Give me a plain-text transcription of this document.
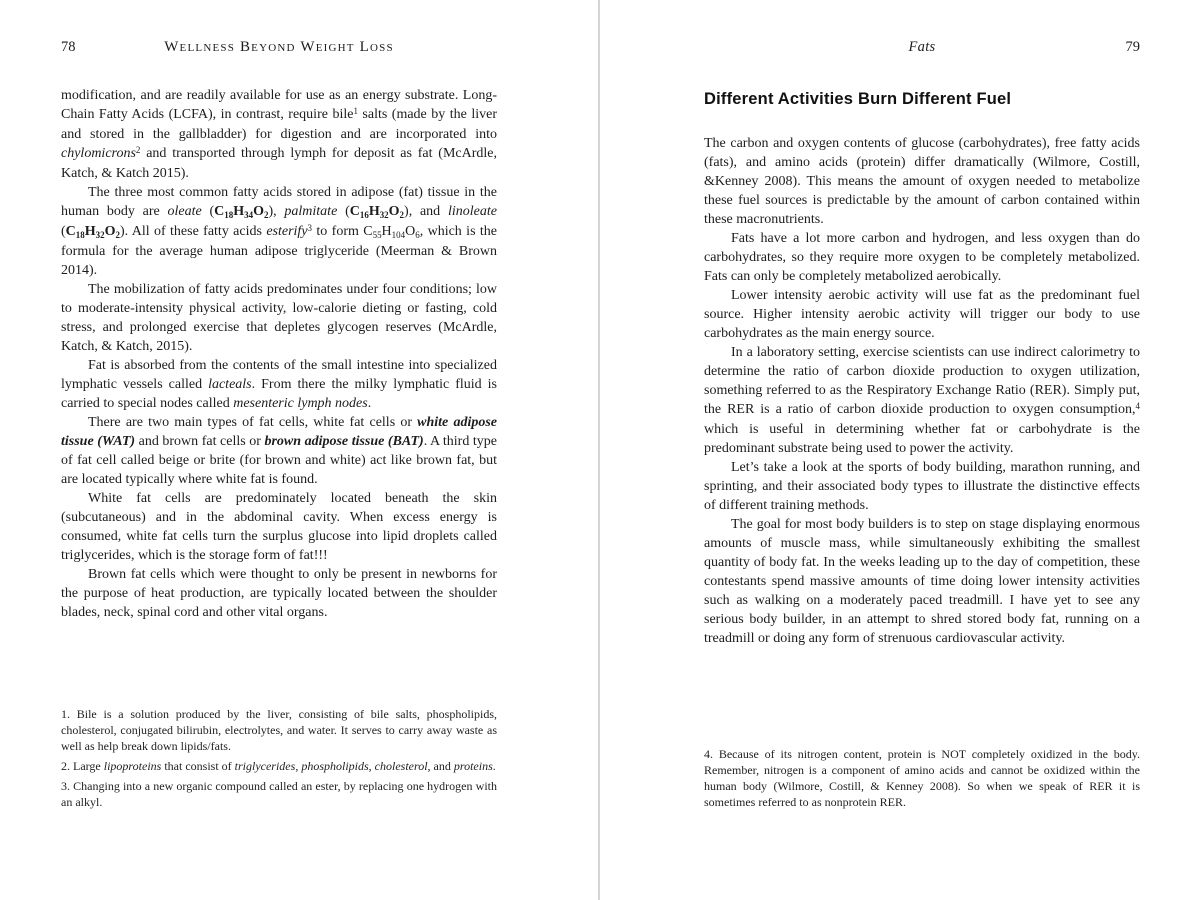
78	Wellness Beyond Weight Loss

modification, and are readily available for use as an energy substrate. Long-Chain Fatty Acids (LCFA), in contrast, require bile$^1$ salts (made by the liver and stored in the gallbladder) for digestion and are incorporated into chylomicrons$^2$ and transported through lymph for deposit as fat (McArdle, Katch, & Katch 2015).

The three most common fatty acids stored in adipose (fat) tissue in the human body are oleate (C18H34O2), palmitate (C16H32O2), and linoleate (C18H32O2). All of these fatty acids esterify$^3$ to form C55H104O6, which is the formula for the average human adipose triglyceride (Meerman & Brown 2014).

The mobilization of fatty acids predominates under four conditions; low to moderate-intensity physical activity, low-calorie dieting or fasting, cold stress, and prolonged exercise that depletes glycogen reserves (McArdle, Katch, & Katch, 2015).

Fat is absorbed from the contents of the small intestine into specialized lymphatic vessels called lacteals. From there the milky lymphatic fluid is carried to special nodes called mesenteric lymph nodes.

There are two main types of fat cells, white fat cells or white adipose tissue (WAT) and brown fat cells or brown adipose tissue (BAT). A third type of fat cell called beige or brite (for brown and white) act like brown fat, but are located typically where white fat is found.

White fat cells are predominately located beneath the skin (subcutaneous) and in the abdominal cavity. When excess energy is consumed, white fat cells turn the surplus glucose into lipid droplets called triglycerides, which is the storage form of fat!!!

Brown fat cells which were thought to only be present in newborns for the purpose of heat production, are typically located between the shoulder blades, neck, spinal cord and other vital organs.

1. Bile is a solution produced by the liver, consisting of bile salts, phospholipids, cholesterol, conjugated bilirubin, electrolytes, and water. It serves to carry away waste as well as help break down lipids/fats.

2. Large lipoproteins that consist of triglycerides, phospholipids, cholesterol, and proteins.

3. Changing into a new organic compound called an ester, by replacing one hydrogen with an alkyl.

Fats	79
Different Activities Burn Different Fuel

The carbon and oxygen contents of glucose (carbohydrates), free fatty acids (fats), and amino acids (protein) differ dramatically (Wilmore, Costill, &Kenney 2008). This means the amount of oxygen needed to metabolize these fuel sources is predictable by the amount of carbon contained within these macronutrients.

Fats have a lot more carbon and hydrogen, and less oxygen than do carbohydrates, so they require more oxygen to be completely metabolized. Fats can only be completely metabolized aerobically.

Lower intensity aerobic activity will use fat as the predominant fuel source. Higher intensity aerobic activity will trigger our body to use carbohydrates as the main energy source.

In a laboratory setting, exercise scientists can use indirect calorimetry to determine the ratio of carbon dioxide production to oxygen utilization, something referred to as the Respiratory Exchange Ratio (RER). Simply put, the RER is a ratio of carbon dioxide production to oxygen consumption,$^4$ which is useful in determining whether fat or carbohydrate is the predominant substrate being used to power the activity.

Let’s take a look at the sports of body building, marathon running, and sprinting, and their associated body types to illustrate the distinctive effects of different training methods.

The goal for most body builders is to step on stage displaying enormous amounts of muscle mass, while simultaneously exhibiting the smallest quantity of body fat. In the weeks leading up to the day of competition, these contestants spend massive amounts of time doing lower intensity activities such as walking on a moderately paced treadmill. I have yet to see any serious body builder, in an attempt to shred stored body fat, running on a treadmill or doing any form of strenuous cardiovascular activity.

4. Because of its nitrogen content, protein is NOT completely oxidized in the body. Remember, nitrogen is a component of amino acids and cannot be oxidized within the human body (Wilmore, Costill, & Kenney 2008). So when we speak of RER it is sometimes referred to as nonprotein RER.
